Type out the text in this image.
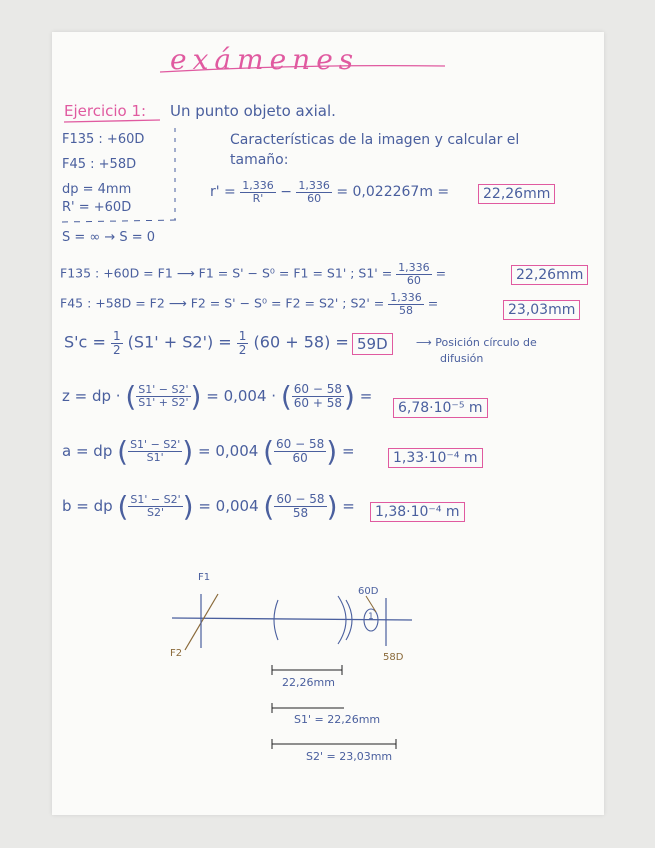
exámenes
Ejercicio 1: Un punto objeto axial.
F135 : +60D
F45 : +58D
dp = 4mm
R' = +60D
S = ∞ → S = 0
Características de la imagen y calcular el
tamaño:
$r' = \frac{1,336}{R'} - \frac{1,336}{60} = 0,022267m$ =	22,26mm
F135 : +60D = F1 ⟶ F1 = S' − S⁰ = F1 = S1' ; $S1' = \frac{1,336}{60}$ =	22,26mm
F45 : +58D = F2 ⟶ F2 = S' − S⁰ = F2 = S2' ; $S2' = \frac{1,336}{58}$ =	23,03mm
$S'c = \frac{1}{2} (S1' + S2') = \frac{1}{2} (60 + 58) = 59D$	⟶ Posición círculo de
difusión
z = dp · ( $\frac{S1' - S2'}{S1' + S2'}$ ) = 0,004 · ( $\frac{60 - 58}{60 + 58}$ ) =
6,78·10⁻⁵ m
a = dp ( $\frac{S1' - S2'}{S1'}$ ) = 0,004 ( $\frac{60 - 58}{60}$ ) =	1,33·10⁻⁴ m
b = dp ( $\frac{S1' - S2'}{S2'}$ ) = 0,004 ( $\frac{60 - 58}{58}$ ) =	1,38·10⁻⁴ m
F1
F2
60D
58D
1
22,26mm
S1' = 22,26mm
S2' = 23,03mm
